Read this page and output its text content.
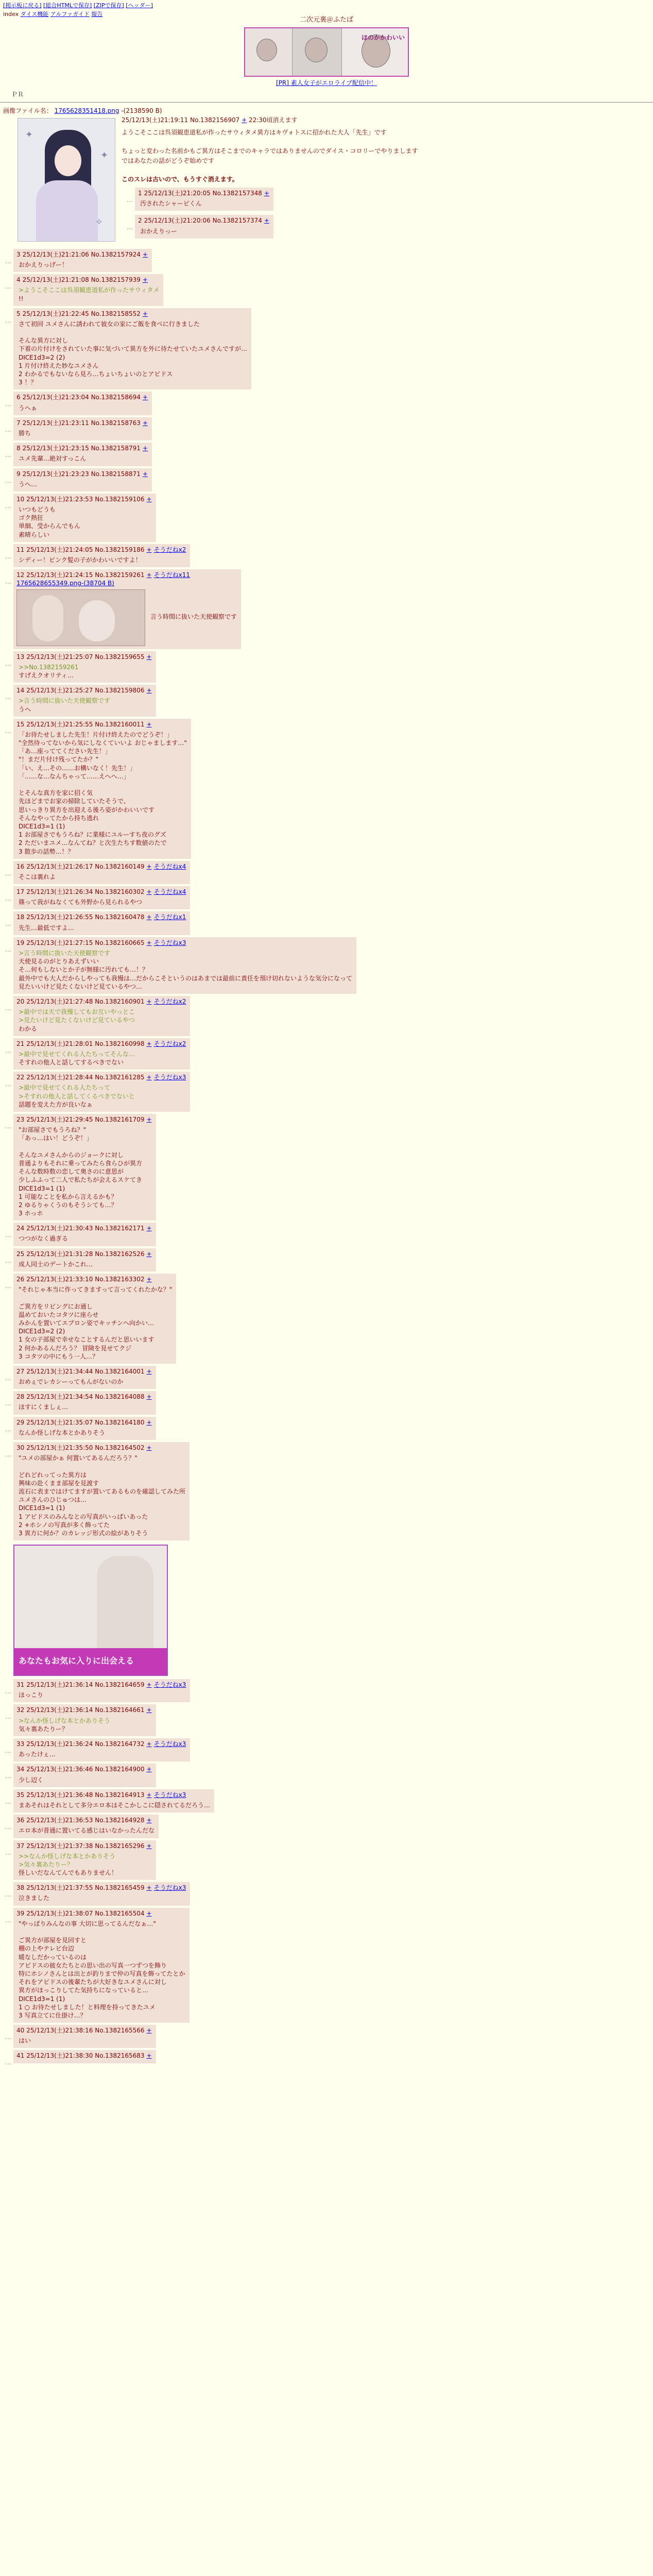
[掲示板に戻る] [総合HTMLで保存] [ZIPで保存] [ヘッダー]
index ダイス機能 アルファガイド 報告
二次元裏＠ふたば
ほのかかわいい
[PR] 素人女子がエロライブ配信中！
ＰＲ
画像ファイル名： 1765628351418.png -(2138590 B)
✦
✦
✧
25/12/13(土)21:19:11 No.1382156907 + 22:30頃消えます

ようこそここは呉須観恵道私が作ったサウィタメ異方はキヴォトスに招かれた大人「先生」です

ちょっと変わった名前かもご異方はそこまでのキャラではありませんのでダイス・コロリーでやりまします

ではあなたの話がどうぞ始めです

このスレは古いので、もうすぐ消えます。

…
1 25/12/13(土)21:20:05 No.1382157348 +
汚されたシャーピくん
…
2 25/12/13(土)21:20:06 No.1382157374 +
おかえりっー
…
3 25/12/13(土)21:21:06 No.1382157924 +

おかえりっげー！

…
4 25/12/13(土)21:21:08 No.1382157939 +

>ようこそここは呉須観恵道私が作ったサウィタメ

!!

…
5 25/12/13(土)21:22:45 No.1382158552 +

さて初回 ユメさんに誘われて彼女の家にご飯を食べに行きました

そんな異方に対し

下着の片付けをされていた事に気づいて異方を外に待たせていたユメさんですが…

DICE1d3=2 (2)

1 片付け終えた妙なユメさん

2 わかるでもないなら見ろ…ちょいちょいのとアビドス

3 ！？

…
6 25/12/13(土)21:23:04 No.1382158694 +

うへぁ

…
7 25/12/13(土)21:23:11 No.1382158763 +

勝ち

…
8 25/12/13(土)21:23:15 No.1382158791 +

ユメ先輩…絶対すっこん

…
9 25/12/13(土)21:23:23 No.1382158871 +

うへ…

…
10 25/12/13(土)21:23:53 No.1382159106 +

いつもどうも

ゴク熱狂

単細、受からんでもん

素晴らしい

…
11 25/12/13(土)21:24:05 No.1382159186 + そうだねx2

シディー！ビンク髪の子がかわいいですよ！

…
12 25/12/13(土)21:24:15 No.1382159261 + そうだねx11
1765628655349.png-(38704 B)
言う時間に抜いた天使観察です
…
13 25/12/13(土)21:25:07 No.1382159655 +

>>No.1382159261

すげえクオリティ…

…
14 25/12/13(土)21:25:27 No.1382159806 +

>言う時間に抜いた天使観察です

うへ

…
15 25/12/13(土)21:25:55 No.1382160011 +

「お待たせしました先生！片付け終えたのでどうぞ！」

"全然待ってないから気にしなくていいよ おじゃまします…"

「あ…座っててください先生！」

"！まだ片付け残ってたか？"

「い、え…その……お構いなく！先生！」

「……な…なんちゃって……えへへ…」

とそんな真方を家に招く気

先ほどまでお家の掃除していたそうで、

思いっきり異方を出迎える後ろ姿がかわいいです

そんなやってたから持ち逃れ

DICE1d3=1 (1)

1 お部屋さでもうろね？に業様にユルーすち夜のグズ

2 ただいまユメ…なんてね？と次生たちす数値のたで

3 散歩の話勢…！？

…
16 25/12/13(土)21:26:17 No.1382160149 + そうだねx4

そこは裏れよ

…
17 25/12/13(土)21:26:34 No.1382160302 + そうだねx4

篠って我がねなくても外野から見られるやつ

…
18 25/12/13(土)21:26:55 No.1382160478 + そうだねx1

先生…最低ですよ…

…
19 25/12/13(土)21:27:15 No.1382160665 + そうだねx3

>言う時間に抜いた天使観察です

天使見るのがとりあえずいい

そ…何もしないとか子が無様に汚れても…！？

最外中でも大人だからしやっても我慢は…だからこそというのはあまでは最前に責任を預け切れないような気分になって

見たいいけど見たくないけど見ているやつ…

…
20 25/12/13(土)21:27:48 No.1382160901 + そうだねx2

>最中では天で我慢してもお互いやっとこ

>見たいけど見たくないけど見ているやつ

わかる

…
21 25/12/13(土)21:28:01 No.1382160998 + そうだねx2

>最中で見せてくれる人たちってそんな…

そすれの他人と話してするべきでない

…
22 25/12/13(土)21:28:44 No.1382161285 + そうだねx3

>最中で見せてくれる人たちって

>そすれの他人と話してくるべきでないと

話題を変えた方が良いなぁ

…
23 25/12/13(土)21:29:45 No.1382161709 +

"お部屋さでもうろね？"

「あっ…はい！どうぞ！」

そんなユメさんからのジョークに対し

普通よりもそれに乗ってみたら食らひが異方

そんな数時数の恋して奥さのに意思が

少しふふって二人で私たちが会えるスケてき

DICE1d3=1 (1)

1 可能なことを私から言えるかも？

2 ゆるりゃくうのもそうシても…？

3 ホっホ

…
24 25/12/13(土)21:30:43 No.1382162171 +

つつがなく過ぎる

…
25 25/12/13(土)21:31:28 No.1382162526 +

成人同士のデートかこれ…

…
26 25/12/13(土)21:33:10 No.1382163302 +

"それじゃ本当に作ってきますって言ってくれたかな？"

ご異方をリビングにお通し

温めておいたコタツに座らせ

みかんを置いてエプロン姿でキッチンへ向かい…

DICE1d3=2 (2)

1 女の子部屋で幸せなことするんだと思いいます

2 何かあるんだろう？ 冒険を見せてクジ

3 コタツの中にもう一人…？

…
27 25/12/13(土)21:34:44 No.1382164001 +

おめぇでレカシーってもんがないのか

…
28 25/12/13(土)21:34:54 No.1382164088 +

ほすにくましぇ…

…
29 25/12/13(土)21:35:07 No.1382164180 +

なんか怪しげな本とかありそう

…
30 25/12/13(土)21:35:50 No.1382164502 +

"ユメの部屋かぁ 何置いてあるんだろう？"

どれどれってった異方は

興味の赴くまま部屋を見渡す

流石に表まではけてますが置いてあるものを確認してみた所

ユメさんのひじゅつは…

DICE1d3=1 (1)

1 アビドスのみんなとの写真がいっぱいあった

2 +ホシノの写真が多く飾ってた

3 異方に何か？のカレッジ形式の絵がありそう

あなたもお気に入りに出会える
…
31 25/12/13(土)21:36:14 No.1382164659 + そうだねx3

ほっこり

…
32 25/12/13(土)21:36:14 No.1382164661 +

>なんか怪しげな本とかありそう

気々裏あたりー？

…
33 25/12/13(土)21:36:24 No.1382164732 + そうだねx3

あったけぇ…

…
34 25/12/13(土)21:36:46 No.1382164900 +

少し辺く

…
35 25/12/13(土)21:36:48 No.1382164913 + そうだねx3

まあそれはそれとして多分エロ本はそこかしこに隠されてるだろう…

…
36 25/12/13(土)21:36:53 No.1382164928 +

エロ本が普通に置いてる感じはいなかったんだな

…
37 25/12/13(土)21:37:38 No.1382165296 +

>>なんか怪しげな本とかありそう

>気々裏あたりー？

怪しいだなんてんでもありません！

…
38 25/12/13(土)21:37:55 No.1382165459 + そうだねx3

泣きました

…
39 25/12/13(土)21:38:07 No.1382165504 +

"やっぱりみんなの事 大切に思ってるんだなぁ…"

ご異方が部屋を見回すと

棚の上やテレビ台辺

暖なしだかっているのは

アビドスの彼女たちとの思い出の写真一つずつを飾り

特にホシノさんとは出とが釣りまで仲の写真を飾ってたとか

それをアビドスの後輩たちが大好きなユメさんに対し

異方がほっこりしてた気持ちになっていると…

DICE1d3=1 (1)

1 ○ お待たせしました！と料理を持ってきたユメ

3 写真立てに仕掛け…？

…
40 25/12/13(土)21:38:16 No.1382165566 +

はい

…
41 25/12/13(土)21:38:30 No.1382165683 +
